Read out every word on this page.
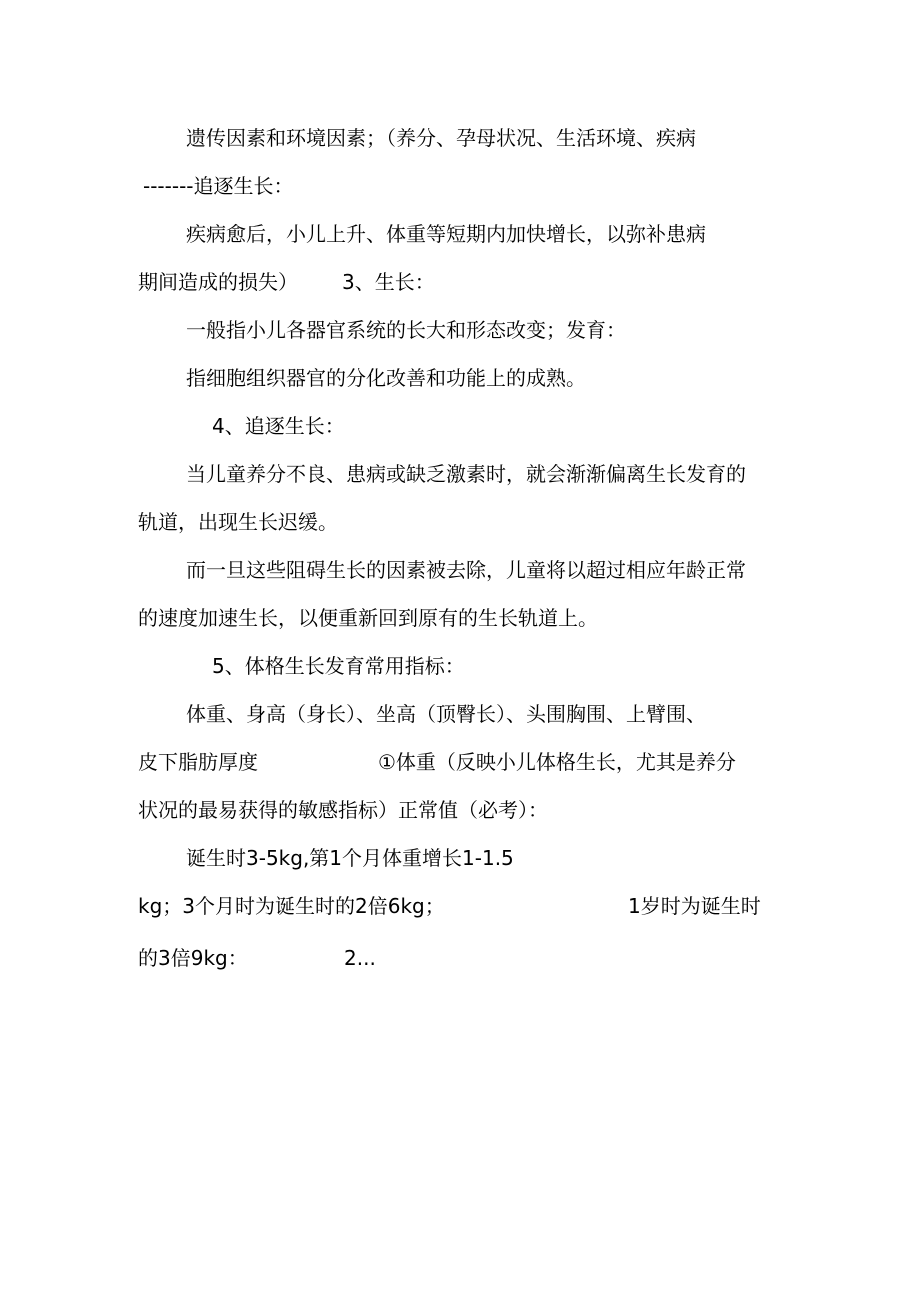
遗传因素和环境因素；（养分、孕母状况、生活环境、疾病

-------追逐生长：

疾病愈后，小儿上升、体重等短期内加快增长，以弥补患病

期间造成的损失） 3、生长：

一般指小儿各器官系统的长大和形态改变；发育：

指细胞组织器官的分化改善和功能上的成熟。

4、追逐生长：

当儿童养分不良、患病或缺乏激素时，就会渐渐偏离生长发育的

轨道，出现生长迟缓。

而一旦这些阻碍生长的因素被去除，儿童将以超过相应年龄正常

的速度加速生长，以便重新回到原有的生长轨道上。

5、体格生长发育常用指标：

体重、身高（身长）、坐高（顶臀长）、头围胸围、上臂围、

皮下脂肪厚度	①体重（反映小儿体格生长，尤其是养分

状况的最易获得的敏感指标）正常值（必考）：

诞生时3-5kg,第1个月体重增长1-1.5

kg；3个月时为诞生时的2倍6kg；	1岁时为诞生时

的3倍9kg：	2...
